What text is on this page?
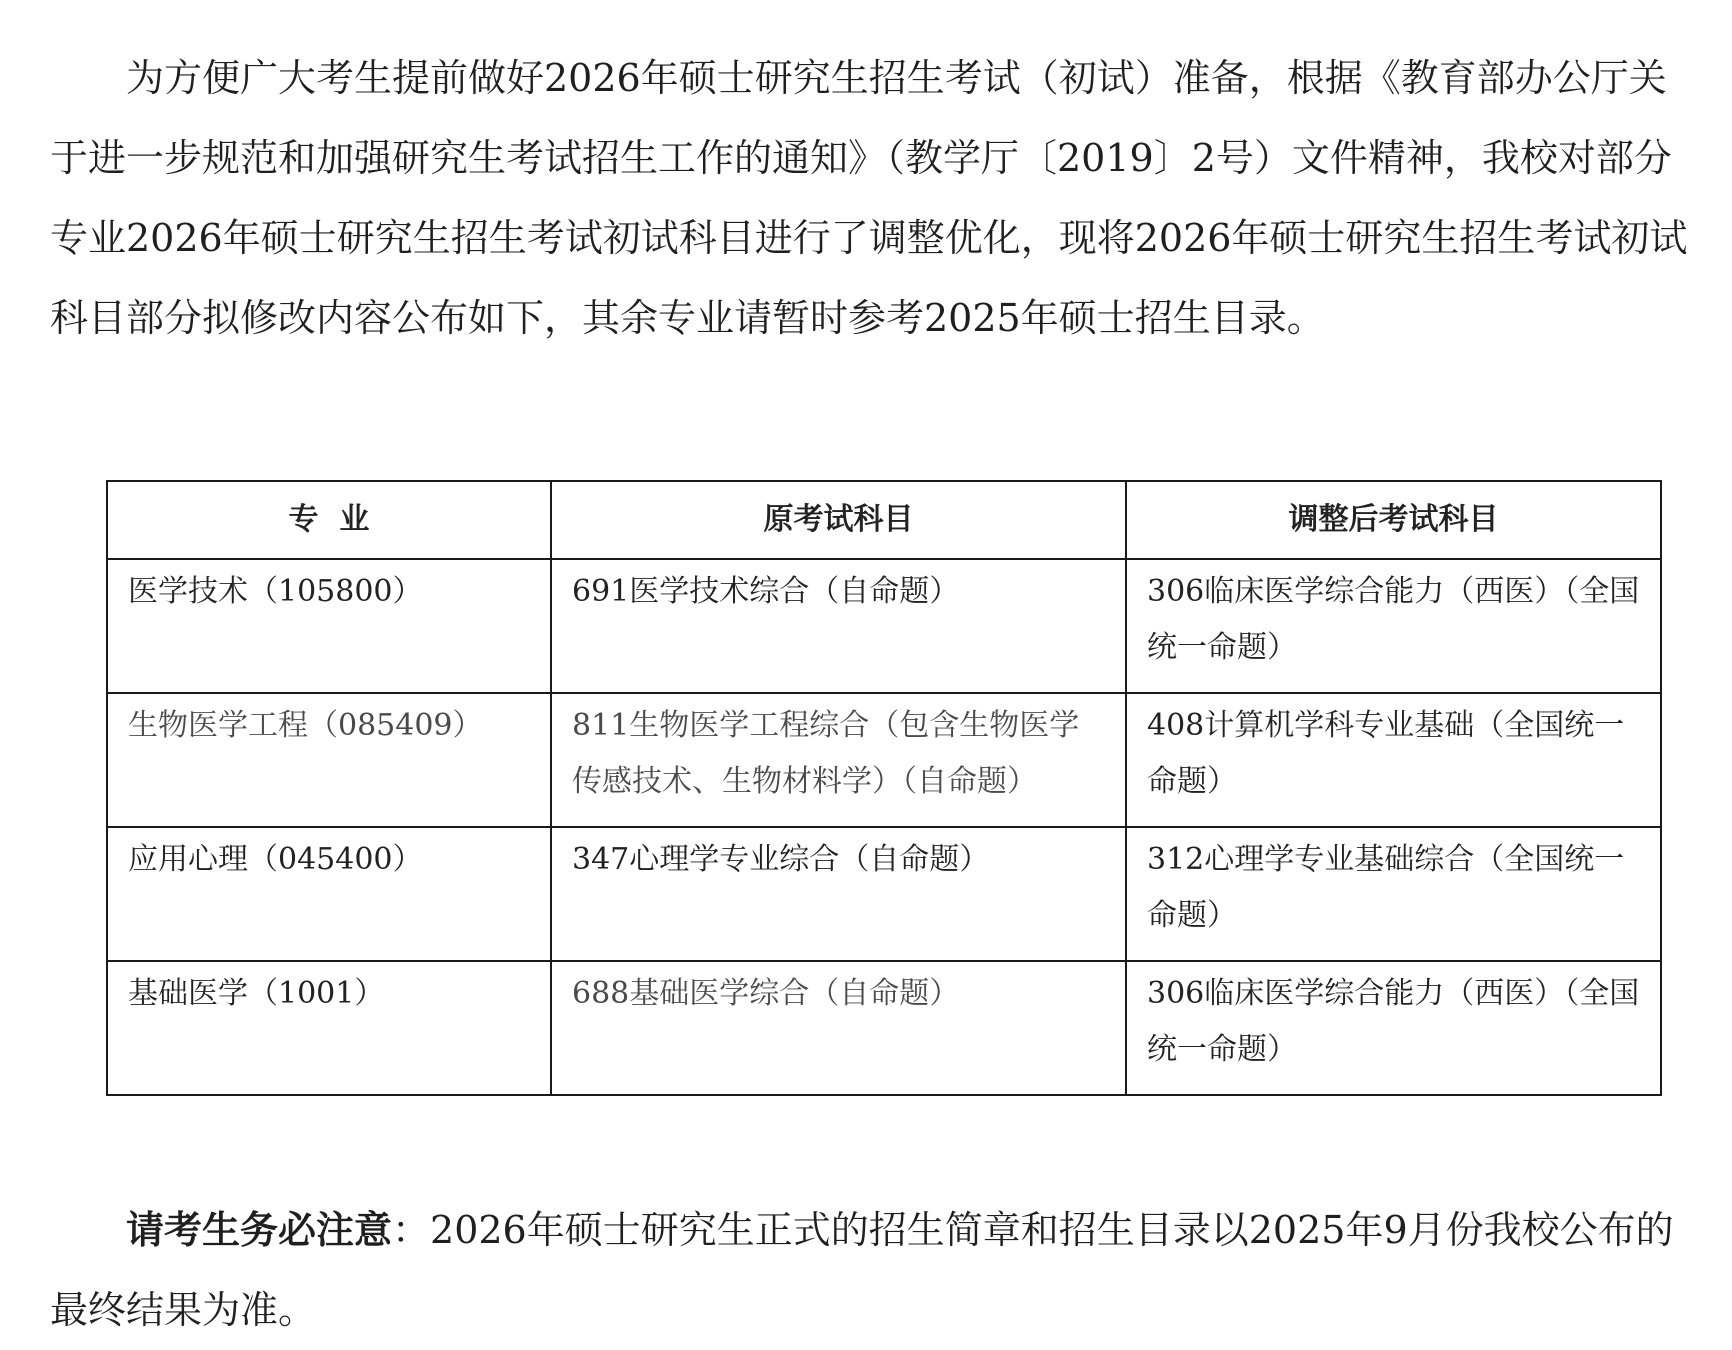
为方便广大考生提前做好2026年硕士研究生招生考试（初试）准备，根据《教育部办公厅关于进一步规范和加强研究生考试招生工作的通知》（教学厅〔2019〕2号）文件精神，我校对部分专业2026年硕士研究生招生考试初试科目进行了调整优化，现将2026年硕士研究生招生考试初试科目部分拟修改内容公布如下，其余专业请暂时参考2025年硕士招生目录。

专  业	原考试科目	调整后考试科目
医学技术（105800）	691医学技术综合（自命题）	306临床医学综合能力（西医）（全国统一命题）
生物医学工程（085409）	811生物医学工程综合（包含生物医学传感技术、生物材料学）（自命题）	408计算机学科专业基础（全国统一命题）
应用心理（045400）	347心理学专业综合（自命题）	312心理学专业基础综合（全国统一命题）
基础医学（1001）	688基础医学综合（自命题）	306临床医学综合能力（西医）（全国统一命题）

请考生务必注意：2026年硕士研究生正式的招生简章和招生目录以2025年9月份我校公布的最终结果为准。
